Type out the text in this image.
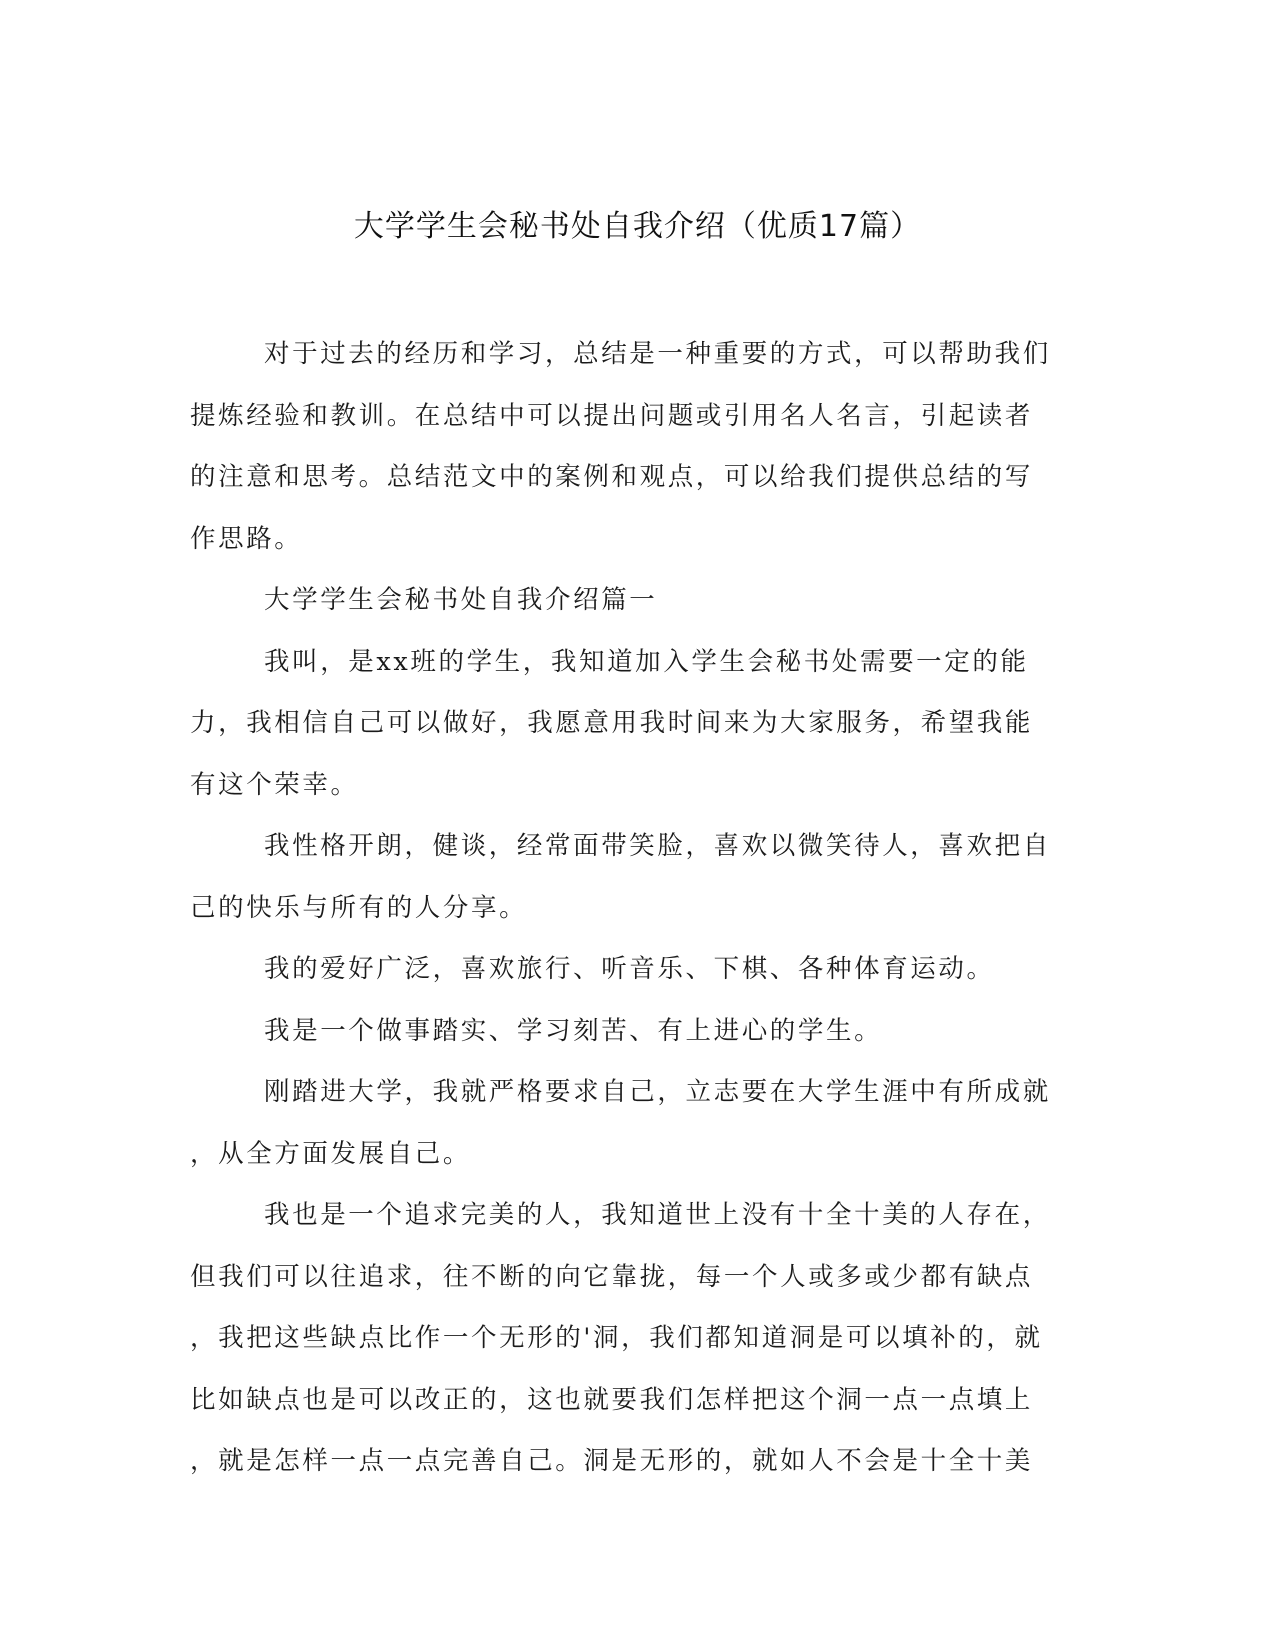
大学学生会秘书处自我介绍（优质17篇）

对于过去的经历和学习，总结是一种重要的方式，可以帮助我们
提炼经验和教训。在总结中可以提出问题或引用名人名言，引起读者
的注意和思考。总结范文中的案例和观点，可以给我们提供总结的写
作思路。

大学学生会秘书处自我介绍篇一

我叫，是xx班的学生，我知道加入学生会秘书处需要一定的能
力，我相信自己可以做好，我愿意用我时间来为大家服务，希望我能
有这个荣幸。

我性格开朗，健谈，经常面带笑脸，喜欢以微笑待人，喜欢把自
己的快乐与所有的人分享。

我的爱好广泛，喜欢旅行、听音乐、下棋、各种体育运动。

我是一个做事踏实、学习刻苦、有上进心的学生。

刚踏进大学，我就严格要求自己，立志要在大学生涯中有所成就
，从全方面发展自己。

我也是一个追求完美的人，我知道世上没有十全十美的人存在，
但我们可以往追求，往不断的向它靠拢，每一个人或多或少都有缺点
，我把这些缺点比作一个无形的'洞，我们都知道洞是可以填补的，就
比如缺点也是可以改正的，这也就要我们怎样把这个洞一点一点填上
，就是怎样一点一点完善自己。洞是无形的，就如人不会是十全十美
